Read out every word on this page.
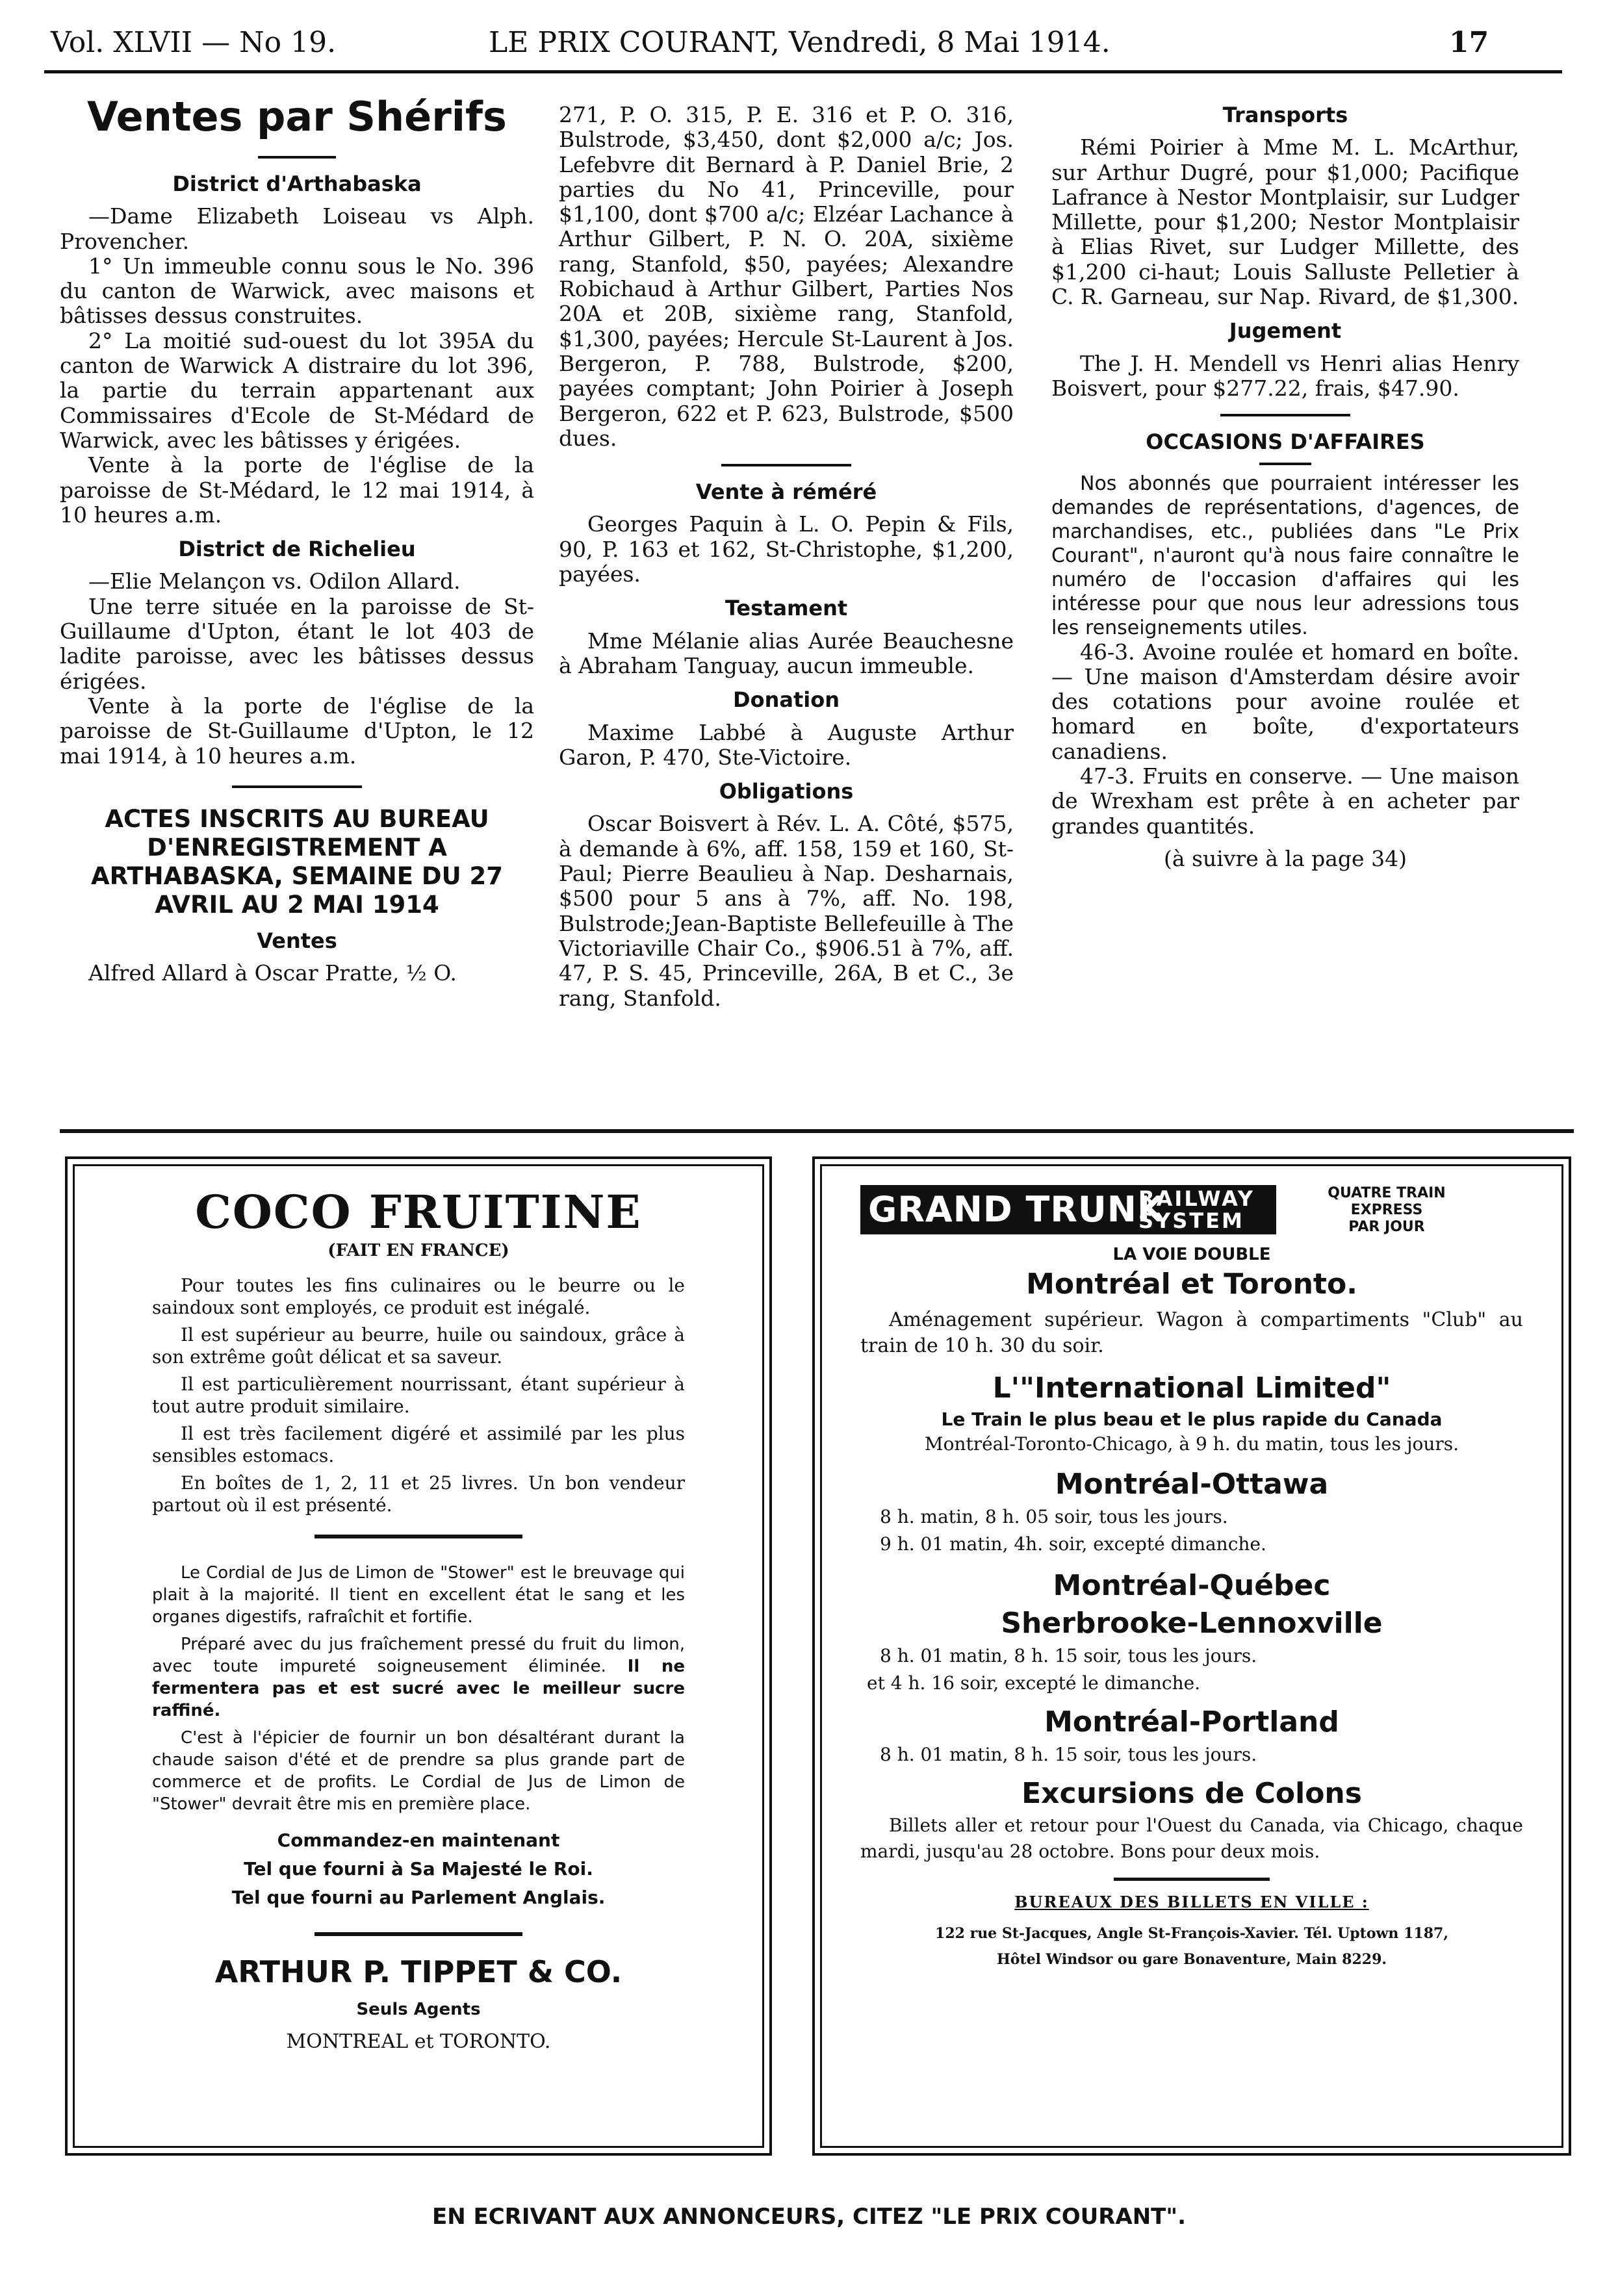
Vol. XLVII — No 19.	LE PRIX COURANT, Vendredi, 8 Mai 1914.	17
Ventes par Shérifs
District d'Arthabaska

—Dame Elizabeth Loiseau vs Alph. Provencher.

1° Un immeuble connu sous le No. 396 du canton de Warwick, avec maisons et bâtisses dessus construites.

2° La moitié sud-ouest du lot 395A du canton de Warwick A distraire du lot 396, la partie du terrain appartenant aux Commissaires d'Ecole de St-Médard de Warwick, avec les bâtisses y érigées.

Vente à la porte de l'église de la paroisse de St-Médard, le 12 mai 1914, à 10 heures a.m.

District de Richelieu

—Elie Melançon vs. Odilon Allard.

Une terre située en la paroisse de St-Guillaume d'Upton, étant le lot 403 de ladite paroisse, avec les bâtisses dessus érigées.

Vente à la porte de l'église de la paroisse de St-Guillaume d'Upton, le 12 mai 1914, à 10 heures a.m.

ACTES INSCRITS AU BUREAU D'ENREGISTREMENT A ARTHABASKA, SEMAINE DU 27 AVRIL AU 2 MAI 1914
Ventes

Alfred Allard à Oscar Pratte, ½ O.

271, P. O. 315, P. E. 316 et P. O. 316, Bulstrode, $3,450, dont $2,000 a/c; Jos. Lefebvre dit Bernard à P. Daniel Brie, 2 parties du No 41, Princeville, pour $1,100, dont $700 a/c; Elzéar Lachance à Arthur Gilbert, P. N. O. 20A, sixième rang, Stanfold, $50, payées; Alexandre Robichaud à Arthur Gilbert, Parties Nos 20A et 20B, sixième rang, Stanfold, $1,300, payées; Hercule St-Laurent à Jos. Bergeron, P. 788, Bulstrode, $200, payées comptant; John Poirier à Joseph Bergeron, 622 et P. 623, Bulstrode, $500 dues.

Vente à réméré

Georges Paquin à L. O. Pepin & Fils, 90, P. 163 et 162, St-Christophe, $1,200, payées.

Testament

Mme Mélanie alias Aurée Beauchesne à Abraham Tanguay, aucun immeuble.

Donation

Maxime Labbé à Auguste Arthur Garon, P. 470, Ste-Victoire.

Obligations

Oscar Boisvert à Rév. L. A. Côté, $575, à demande à 6%, aff. 158, 159 et 160, St-Paul; Pierre Beaulieu à Nap. Desharnais, $500 pour 5 ans à 7%, aff. No. 198, Bulstrode;Jean-Baptiste Bellefeuille à The Victoriaville Chair Co., $906.51 à 7%, aff. 47, P. S. 45, Princeville, 26A, B et C., 3e rang, Stanfold.

Transports

Rémi Poirier à Mme M. L. McArthur, sur Arthur Dugré, pour $1,000; Pacifique Lafrance à Nestor Montplaisir, sur Ludger Millette, pour $1,200; Nestor Montplaisir à Elias Rivet, sur Ludger Millette, des $1,200 ci-haut; Louis Salluste Pelletier à C. R. Garneau, sur Nap. Rivard, de $1,300.

Jugement

The J. H. Mendell vs Henri alias Henry Boisvert, pour $277.22, frais, $47.90.

OCCASIONS D'AFFAIRES

Nos abonnés que pourraient intéresser les demandes de représentations, d'agences, de marchandises, etc., publiées dans "Le Prix Courant", n'auront qu'à nous faire connaître le numéro de l'occasion d'affaires qui les intéresse pour que nous leur adressions tous les renseignements utiles.

46-3. Avoine roulée et homard en boîte. — Une maison d'Amsterdam désire avoir des cotations pour avoine roulée et homard en boîte, d'exportateurs canadiens.

47-3. Fruits en conserve. — Une maison de Wrexham est prête à en acheter par grandes quantités.

(à suivre à la page 34)

COCO FRUITINE
(FAIT EN FRANCE)

Pour toutes les fins culinaires ou le beurre ou le saindoux sont employés, ce produit est inégalé.

Il est supérieur au beurre, huile ou saindoux, grâce à son extrême goût délicat et sa saveur.

Il est particulièrement nourrissant, étant supérieur à tout autre produit similaire.

Il est très facilement digéré et assimilé par les plus sensibles estomacs.

En boîtes de 1, 2, 11 et 25 livres. Un bon vendeur partout où il est présenté.

Le Cordial de Jus de Limon de "Stower" est le breuvage qui plait à la majorité. Il tient en excellent état le sang et les organes digestifs, rafraîchit et fortifie.

Préparé avec du jus fraîchement pressé du fruit du limon, avec toute impureté soigneusement éliminée. Il ne fermentera pas et est sucré avec le meilleur sucre raffiné.

C'est à l'épicier de fournir un bon désaltérant durant la chaude saison d'été et de prendre sa plus grande part de commerce et de profits. Le Cordial de Jus de Limon de "Stower" devrait être mis en première place.

Commandez-en maintenant
Tel que fourni à Sa Majesté le Roi.
Tel que fourni au Parlement Anglais.
ARTHUR P. TIPPET & CO.
Seuls Agents
MONTREAL et TORONTO.
GRAND TRUNK
RAILWAY
SYSTEM
QUATRE TRAIN
EXPRESS
PAR JOUR
LA VOIE DOUBLE
Montréal et Toronto.

Aménagement supérieur. Wagon à compartiments "Club" au train de 10 h. 30 du soir.

L'"International Limited"
Le Train le plus beau et le plus rapide du Canada
Montréal-Toronto-Chicago, à 9 h. du matin, tous les jours.
Montréal-Ottawa
8 h. matin, 8 h. 05 soir, tous les jours.
9 h. 01 matin, 4h. soir, excepté dimanche.
Montréal-Québec
Sherbrooke-Lennoxville
8 h. 01 matin, 8 h. 15 soir, tous les jours.
et 4 h. 16 soir, excepté le dimanche.
Montréal-Portland
8 h. 01 matin, 8 h. 15 soir, tous les jours.
Excursions de Colons

Billets aller et retour pour l'Ouest du Canada, via Chicago, chaque mardi, jusqu'au 28 octobre. Bons pour deux mois.

BUREAUX DES BILLETS EN VILLE :
122 rue St-Jacques, Angle St-François-Xavier. Tél. Uptown 1187,
Hôtel Windsor ou gare Bonaventure, Main 8229.
EN ECRIVANT AUX ANNONCEURS, CITEZ "LE PRIX COURANT".
